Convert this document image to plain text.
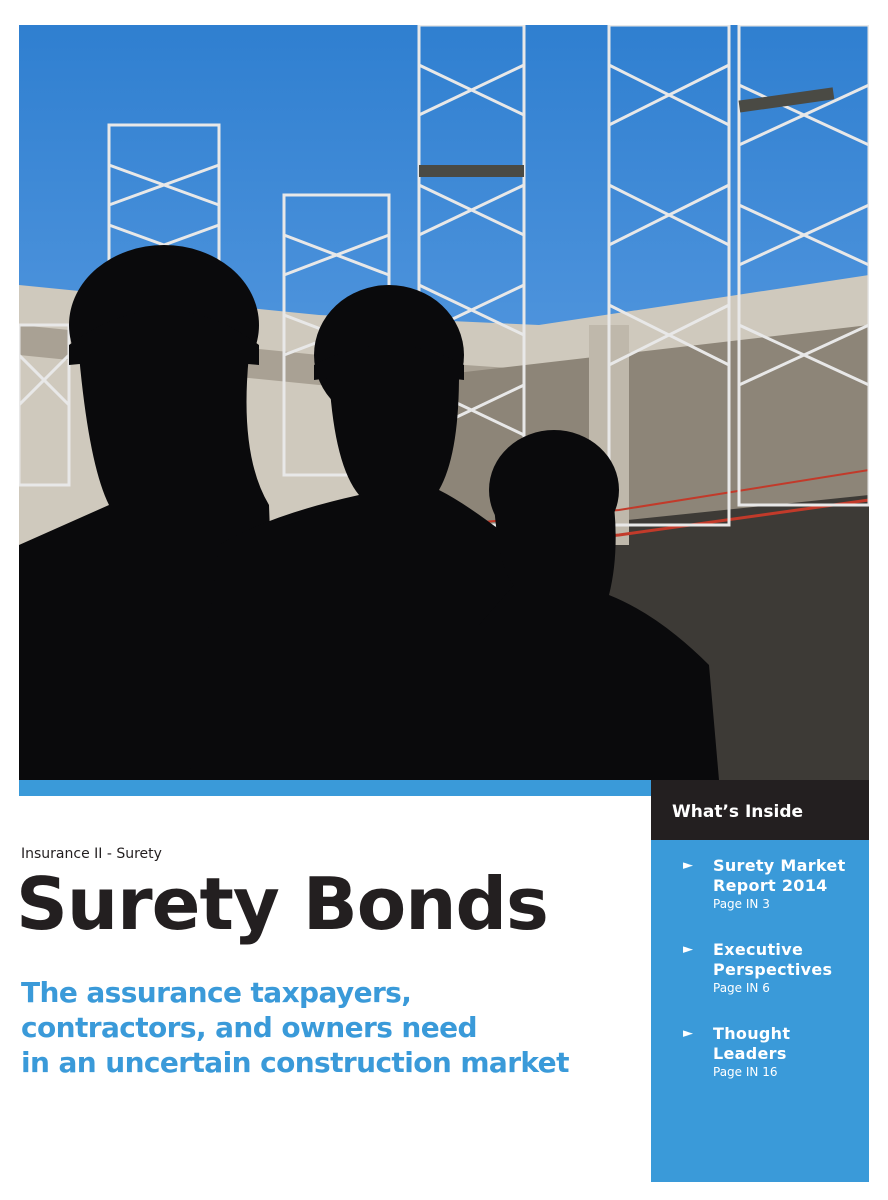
What’s Inside
► Surety Market
Report 2014
Page IN 3
► Executive
Perspectives
Page IN 6
► Thought
Leaders
Page IN 16
Insurance II - Surety
Surety Bonds
The assurance taxpayers,
contractors, and owners need
in an uncertain construction market
